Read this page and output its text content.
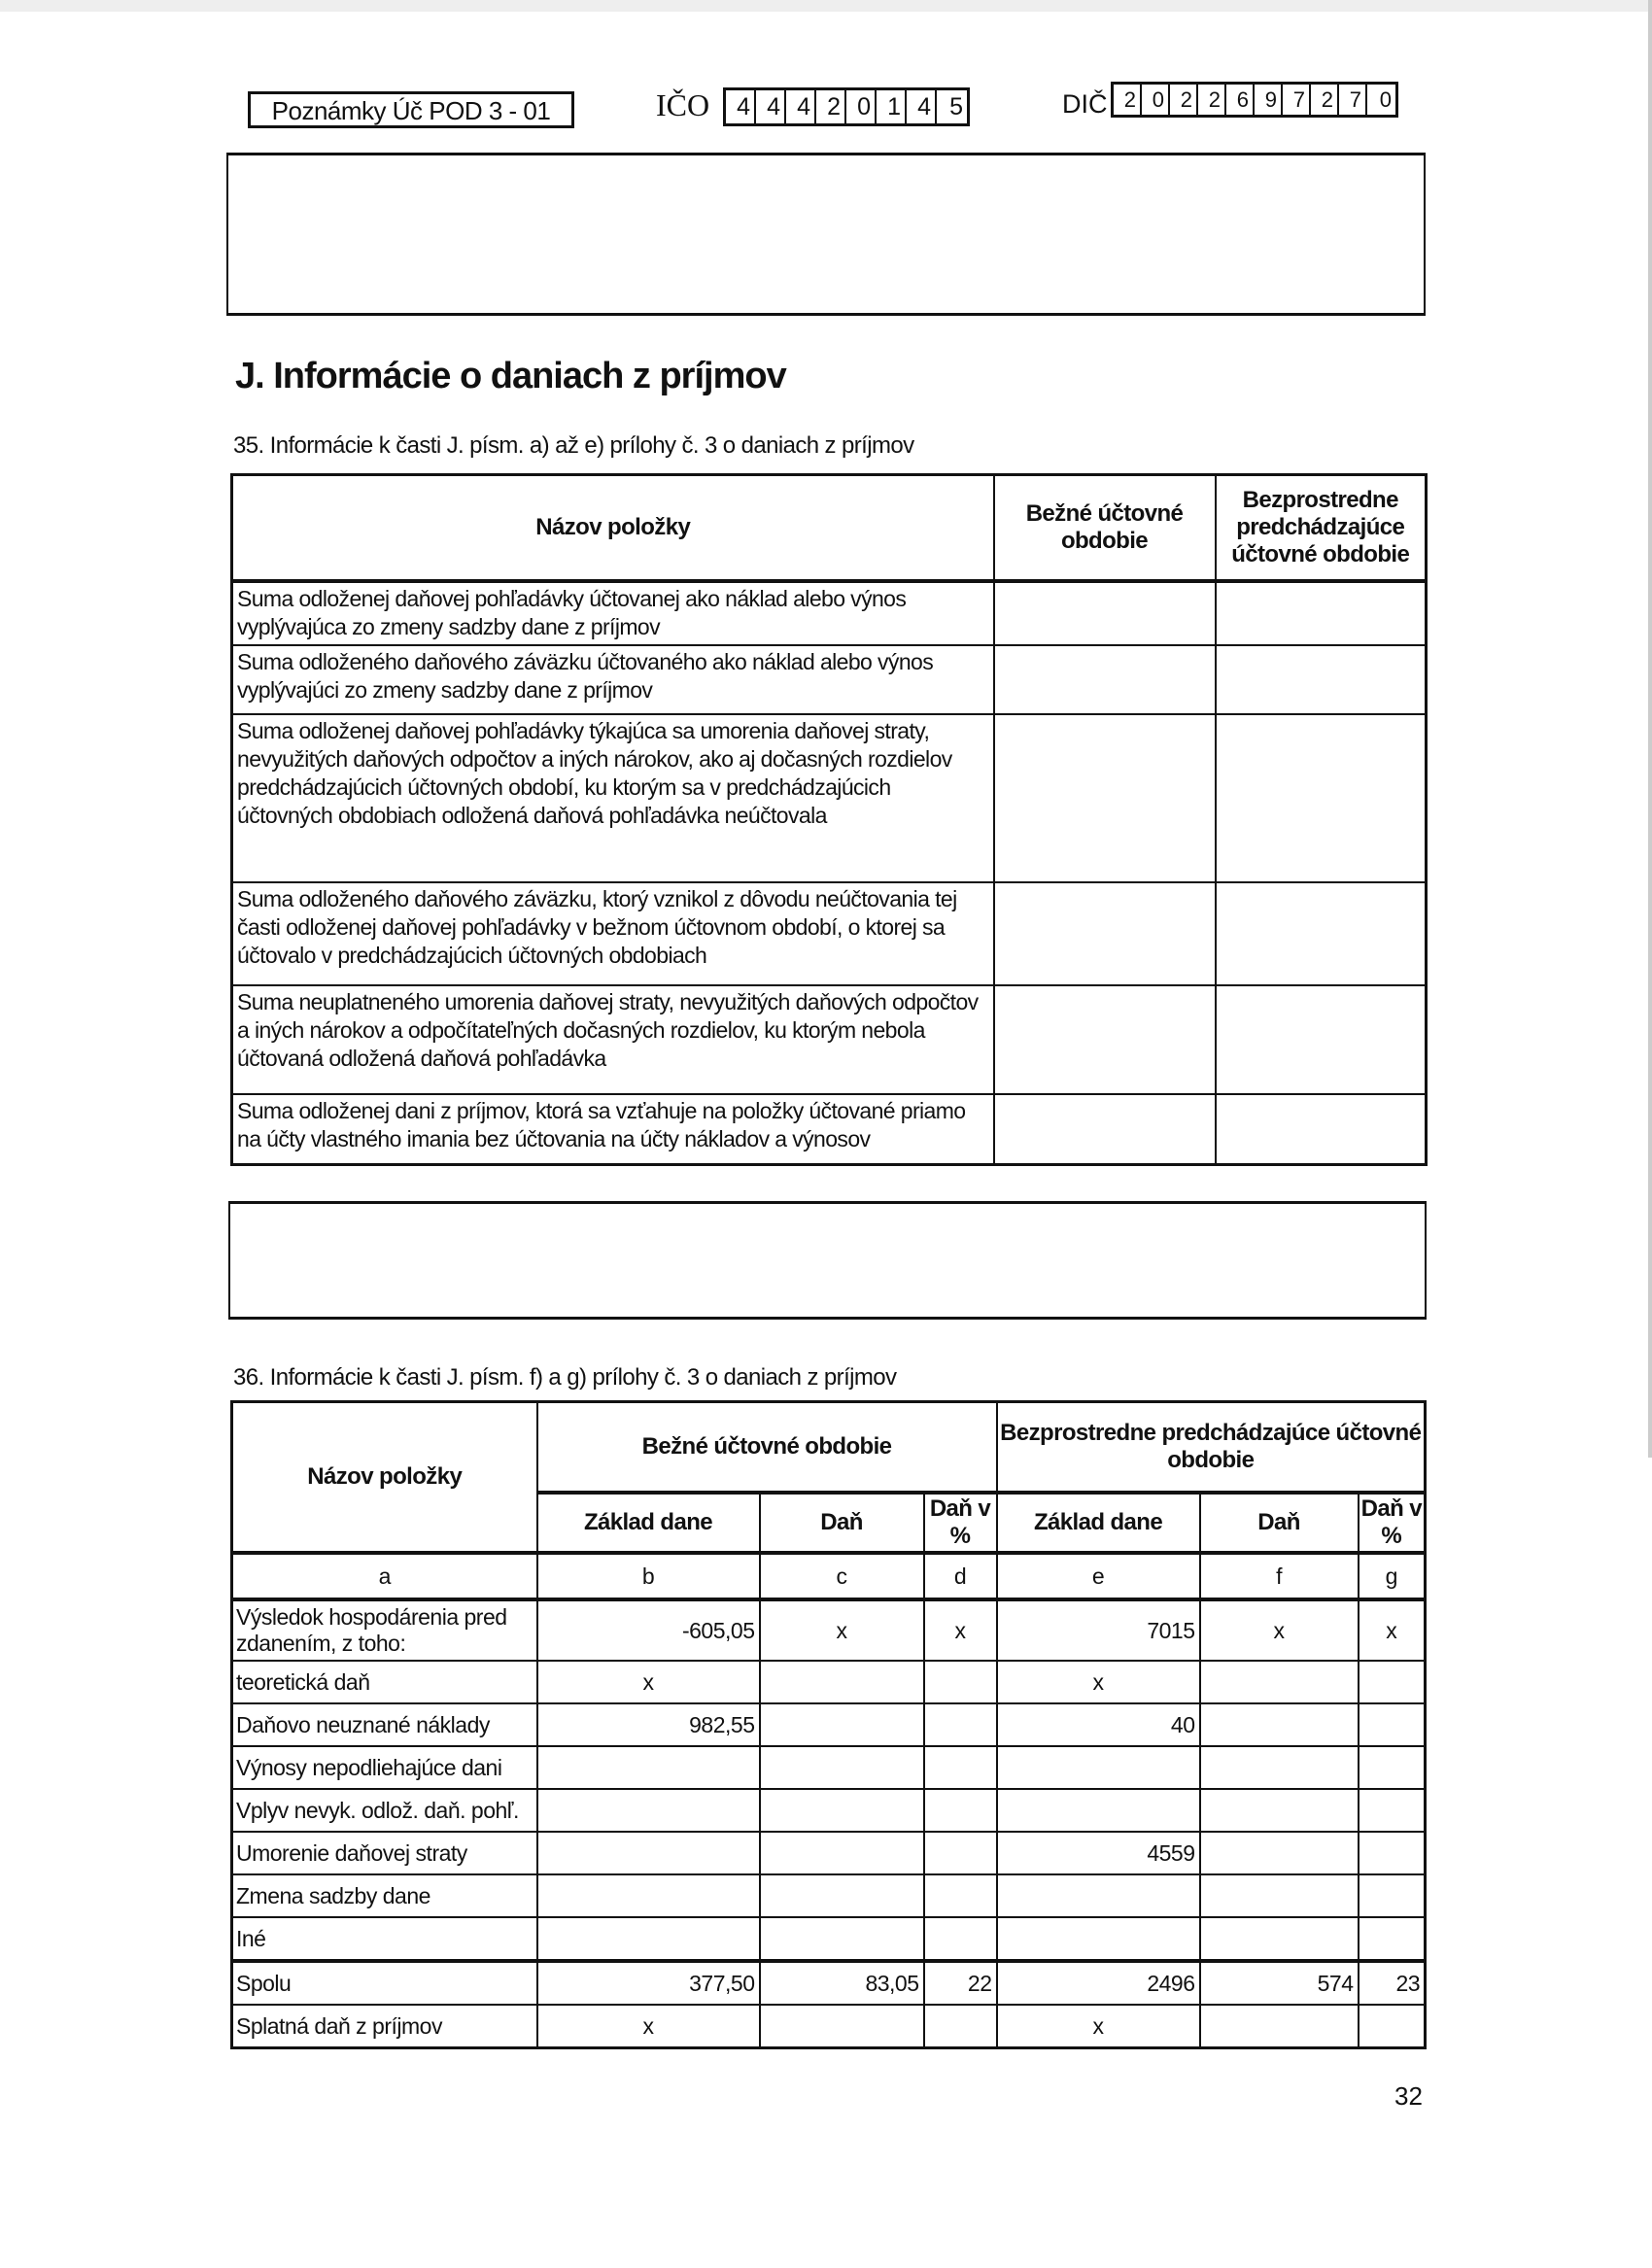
Poznámky Úč POD 3 - 01	IČO	4 4 4 2 0 1 4 5	DIČ 2 0 2 2 6 9 7 2 7 0
J. Informácie o daniach z príjmov
35. Informácie k časti J. písm. a) až e) prílohy č. 3 o daniach z príjmov
Názov položky	Bežné účtovné obdobie	Bezprostredne predchádzajúce účtovné obdobie
Suma odloženej daňovej pohľadávky účtovanej ako náklad alebo výnos vyplývajúca zo zmeny sadzby dane z príjmov		
Suma odloženého daňového záväzku účtovaného ako náklad alebo výnos vyplývajúci zo zmeny sadzby dane z príjmov		
Suma odloženej daňovej pohľadávky týkajúca sa umorenia daňovej straty, nevyužitých daňových odpočtov a iných nárokov, ako aj dočasných rozdielov predchádzajúcich účtovných období, ku ktorým sa v predchádzajúcich účtovných obdobiach odložená daňová pohľadávka neúčtovala		
Suma odloženého daňového záväzku, ktorý vznikol z dôvodu neúčtovania tej časti odloženej daňovej pohľadávky v bežnom účtovnom období, o ktorej sa účtovalo v predchádzajúcich účtovných obdobiach		
Suma neuplatneného umorenia daňovej straty, nevyužitých daňových odpočtov a iných nárokov a odpočítateľných dočasných rozdielov, ku ktorým nebola účtovaná odložená daňová pohľadávka		
Suma odloženej dani z príjmov, ktorá sa vzťahuje na položky účtované priamo na účty vlastného imania bez účtovania na účty nákladov a výnosov		
36. Informácie k časti J. písm. f) a g) prílohy č. 3 o daniach z príjmov
Názov položky	Bežné účtovné obdobie			Bezprostredne predchádzajúce účtovné obdobie		
	Základ dane	Daň	Daň v %	Základ dane	Daň	Daň v %
a	b	c	d	e	f	g
Výsledok hospodárenia pred zdanením, z toho:	-605,05	x	x	7015	x	x
teoretická daň	x			x		
Daňovo neuznané náklady	982,55			40		
Výnosy nepodliehajúce dani						
Vplyv nevyk. odlož. daň. pohľ.						
Umorenie daňovej straty				4559		
Zmena sadzby dane						
Iné						
Spolu	377,50	83,05	22	2496	574	23
Splatná daň z príjmov	x			x		
32
